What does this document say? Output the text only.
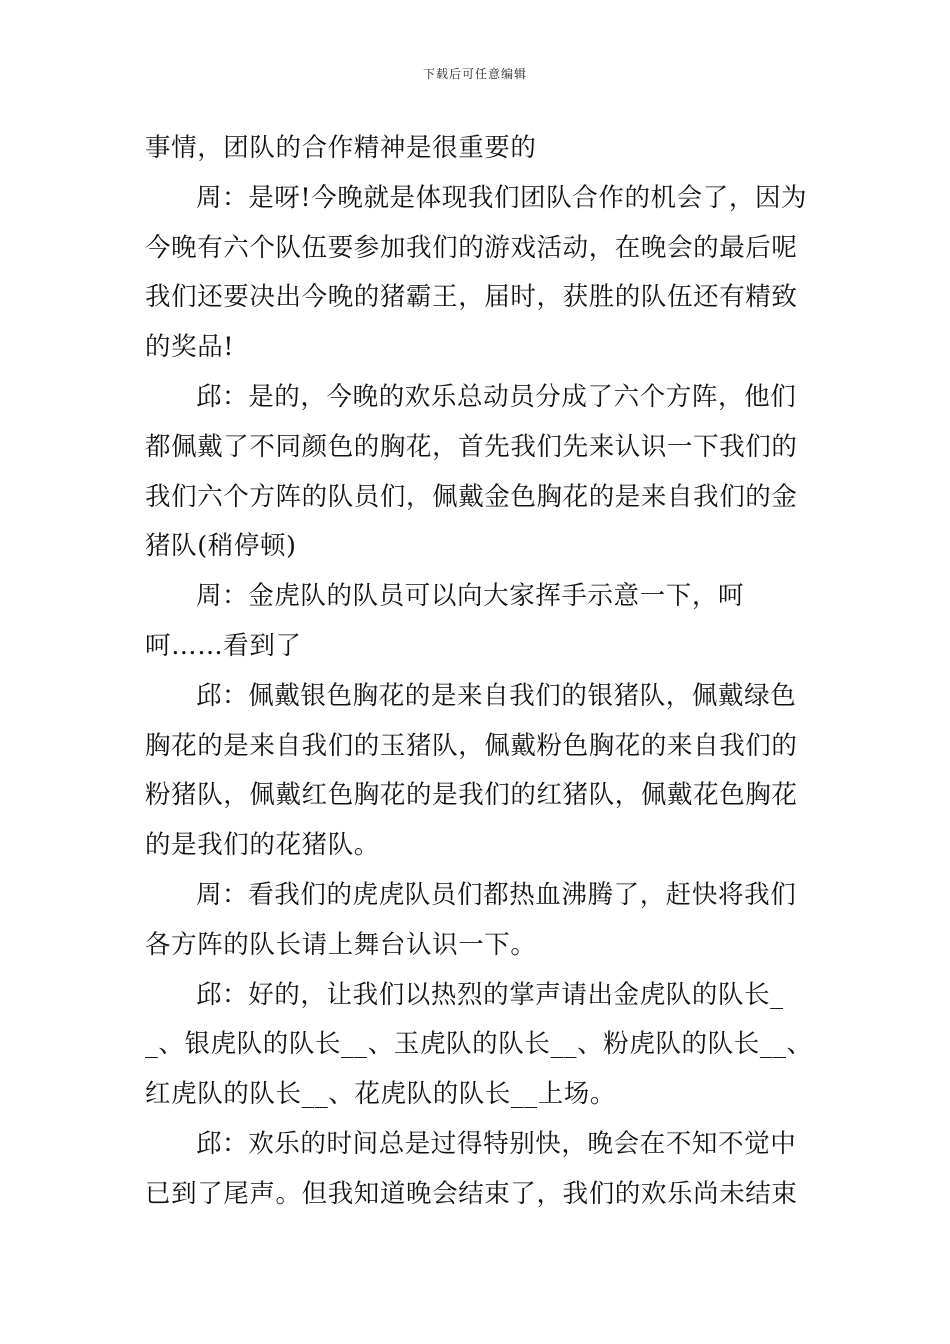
下载后可任意编辑

事情，团队的合作精神是很重要的

周：是呀!今晚就是体现我们团队合作的机会了，因为今晚有六个队伍要参加我们的游戏活动，在晚会的最后呢我们还要决出今晚的猪霸王，届时，获胜的队伍还有精致的奖品!

邱：是的，今晚的欢乐总动员分成了六个方阵，他们都佩戴了不同颜色的胸花，首先我们先来认识一下我们的我们六个方阵的队员们，佩戴金色胸花的是来自我们的金猪队(稍停顿)

周：金虎队的队员可以向大家挥手示意一下，呵呵……看到了

邱：佩戴银色胸花的是来自我们的银猪队，佩戴绿色胸花的是来自我们的玉猪队，佩戴粉色胸花的来自我们的粉猪队，佩戴红色胸花的是我们的红猪队，佩戴花色胸花的是我们的花猪队。

周：看我们的虎虎队员们都热血沸腾了，赶快将我们各方阵的队长请上舞台认识一下。

邱：好的，让我们以热烈的掌声请出金虎队的队长__、银虎队的队长__、玉虎队的队长__、粉虎队的队长__、红虎队的队长__、花虎队的队长__上场。

邱：欢乐的时间总是过得特别快，晚会在不知不觉中已到了尾声。但我知道晚会结束了，我们的欢乐尚未结束
